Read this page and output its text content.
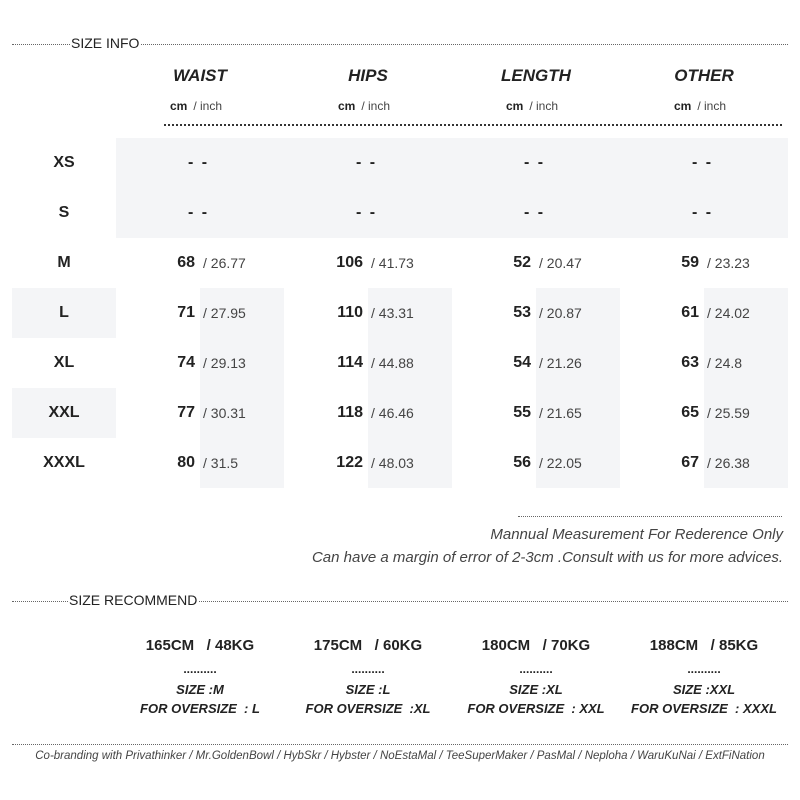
SIZE INFO
WAIST	HIPS	LENGTH	OTHER
cm / inch	cm / inch	cm / inch	cm / inch
XS	- -	- -	- -	- -
S	- -	- -	- -	- -
M	68 / 26.77	106 / 41.73	52 / 20.47	59 / 23.23
L	71 / 27.95	110 / 43.31	53 / 20.87	61 / 24.02
XL	74 / 29.13	114 / 44.88	54 / 21.26	63 / 24.8
XXL	77 / 30.31	118 / 46.46	55 / 21.65	65 / 25.59
XXXL	80 / 31.5	122 / 48.03	56 / 22.05	67 / 26.38
Mannual Measurement For Rederence Only
Can have a margin of error of 2-3cm .Consult with us for more advices.
SIZE RECOMMEND
165CM   / 48KG
..........
SIZE :M
FOR OVERSIZE  : L
175CM   / 60KG
..........
SIZE :L
FOR OVERSIZE  :XL
180CM   / 70KG
..........
SIZE :XL
FOR OVERSIZE  : XXL
188CM   / 85KG
..........
SIZE :XXL
FOR OVERSIZE  : XXXL
Co-branding with Privathinker / Mr.GoldenBowl / HybSkr / Hybster / NoEstaMal / TeeSuperMaker / PasMal / Neploha / WaruKuNai / ExtFiNation
